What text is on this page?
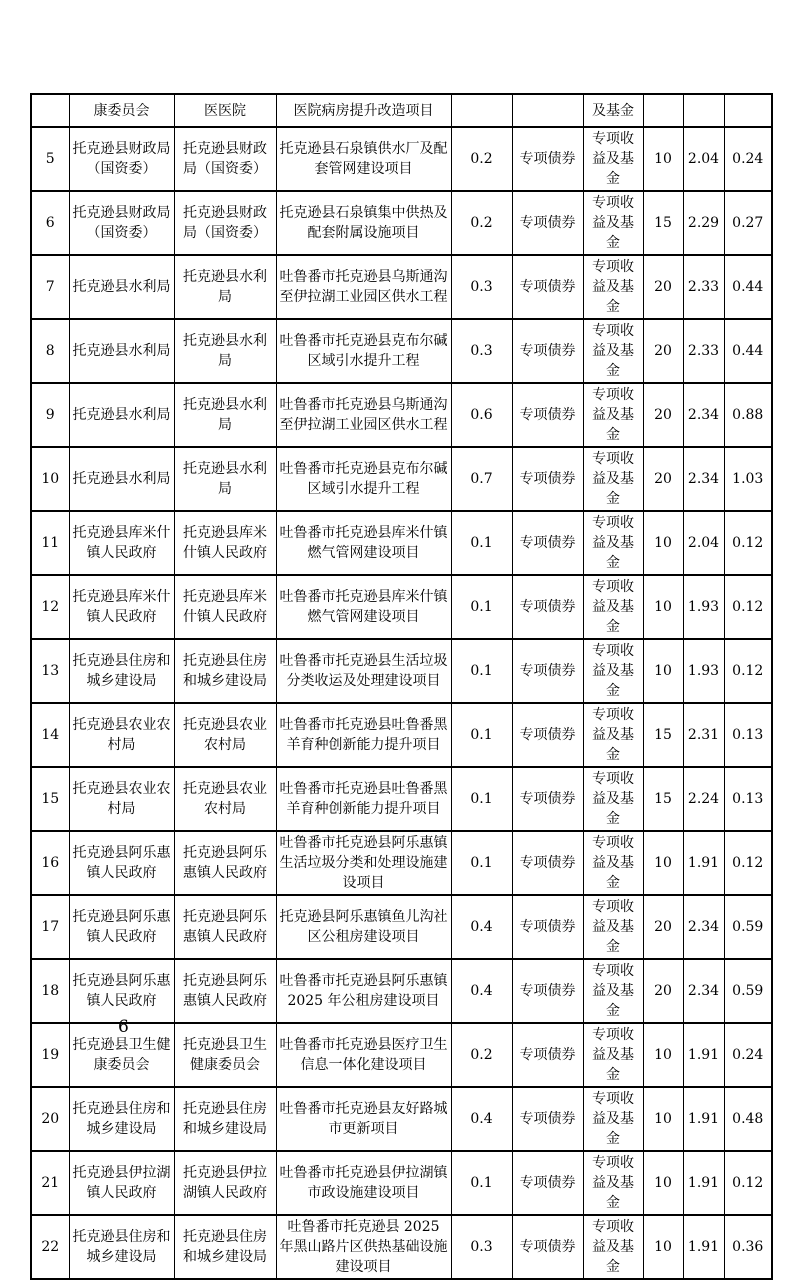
	康委员会	医医院	医院病房提升改造项目			及基金			
5	托克逊县财政局（国资委）	托克逊县财政局（国资委）	托克逊县石泉镇供水厂及配套管网建设项目	0.2	专项债券	专项收益及基金	10	2.04	0.24
6	托克逊县财政局（国资委）	托克逊县财政局（国资委）	托克逊县石泉镇集中供热及配套附属设施项目	0.2	专项债券	专项收益及基金	15	2.29	0.27
7	托克逊县水利局	托克逊县水利局	吐鲁番市托克逊县乌斯通沟至伊拉湖工业园区供水工程	0.3	专项债券	专项收益及基金	20	2.33	0.44
8	托克逊县水利局	托克逊县水利局	吐鲁番市托克逊县克布尔碱区域引水提升工程	0.3	专项债券	专项收益及基金	20	2.33	0.44
9	托克逊县水利局	托克逊县水利局	吐鲁番市托克逊县乌斯通沟至伊拉湖工业园区供水工程	0.6	专项债券	专项收益及基金	20	2.34	0.88
10	托克逊县水利局	托克逊县水利局	吐鲁番市托克逊县克布尔碱区域引水提升工程	0.7	专项债券	专项收益及基金	20	2.34	1.03
11	托克逊县库米什镇人民政府	托克逊县库米什镇人民政府	吐鲁番市托克逊县库米什镇燃气管网建设项目	0.1	专项债券	专项收益及基金	10	2.04	0.12
12	托克逊县库米什镇人民政府	托克逊县库米什镇人民政府	吐鲁番市托克逊县库米什镇燃气管网建设项目	0.1	专项债券	专项收益及基金	10	1.93	0.12
13	托克逊县住房和城乡建设局	托克逊县住房和城乡建设局	吐鲁番市托克逊县生活垃圾分类收运及处理建设项目	0.1	专项债券	专项收益及基金	10	1.93	0.12
14	托克逊县农业农村局	托克逊县农业农村局	吐鲁番市托克逊县吐鲁番黑羊育种创新能力提升项目	0.1	专项债券	专项收益及基金	15	2.31	0.13
15	托克逊县农业农村局	托克逊县农业农村局	吐鲁番市托克逊县吐鲁番黑羊育种创新能力提升项目	0.1	专项债券	专项收益及基金	15	2.24	0.13
16	托克逊县阿乐惠镇人民政府	托克逊县阿乐惠镇人民政府	吐鲁番市托克逊县阿乐惠镇生活垃圾分类和处理设施建设项目	0.1	专项债券	专项收益及基金	10	1.91	0.12
17	托克逊县阿乐惠镇人民政府	托克逊县阿乐惠镇人民政府	托克逊县阿乐惠镇鱼儿沟社区公租房建设项目	0.4	专项债券	专项收益及基金	20	2.34	0.59
18	托克逊县阿乐惠镇人民政府	托克逊县阿乐惠镇人民政府	吐鲁番市托克逊县阿乐惠镇 2025 年公租房建设项目	0.4	专项债券	专项收益及基金	20	2.34	0.59
19	托克逊县卫生健康委员会	托克逊县卫生健康委员会	吐鲁番市托克逊县医疗卫生信息一体化建设项目	0.2	专项债券	专项收益及基金	10	1.91	0.24
20	托克逊县住房和城乡建设局	托克逊县住房和城乡建设局	吐鲁番市托克逊县友好路城市更新项目	0.4	专项债券	专项收益及基金	10	1.91	0.48
21	托克逊县伊拉湖镇人民政府	托克逊县伊拉湖镇人民政府	吐鲁番市托克逊县伊拉湖镇市政设施建设项目	0.1	专项债券	专项收益及基金	10	1.91	0.12
22	托克逊县住房和城乡建设局	托克逊县住房和城乡建设局	吐鲁番市托克逊县 2025 年黑山路片区供热基础设施建设项目	0.3	专项债券	专项收益及基金	10	1.91	0.36
6
